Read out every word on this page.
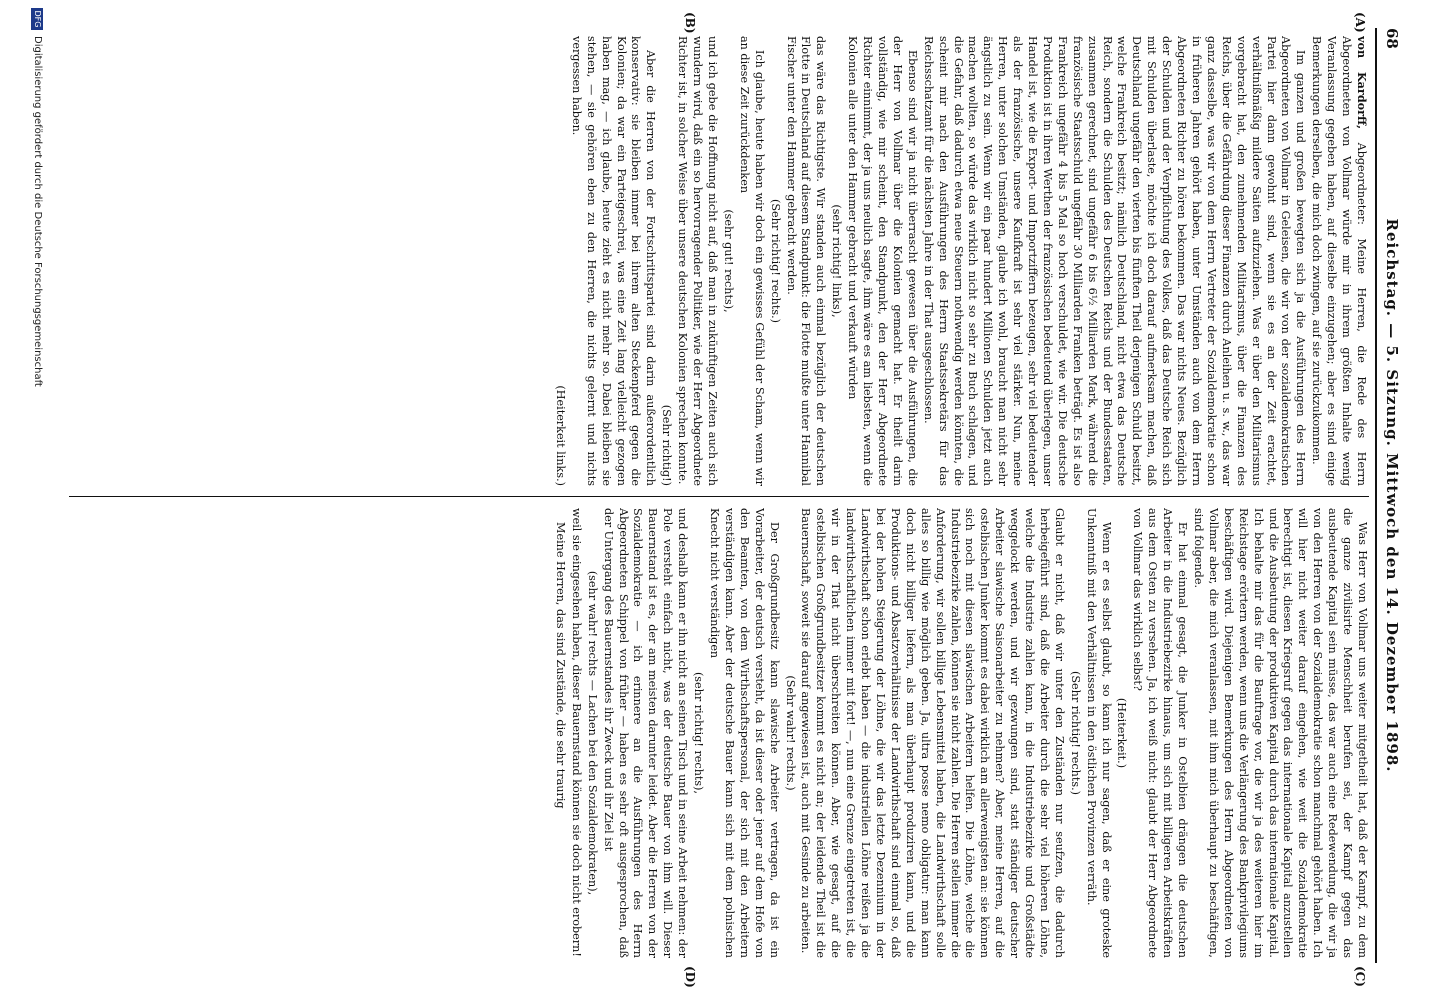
68
Reichstag. — 5. Sitzung. Mittwoch den 14. Dezember 1898.
(A)
(B)
(C)
(D)

von Kardorff, Abgeordneter: Meine Herren, die Rede des Herrn Abgeordneten von Vollmar würde mir in ihrem größten Inhalte wenig Veranlassung gegeben haben, auf dieselbe einzugehen; aber es sind einige Bemerkungen derselben, die mich doch zwingen, auf sie zurückzukommen.

Im ganzen und großen bewegten sich ja die Ausführungen des Herrn Abgeordneten von Vollmar in Geleisen, die wir von der sozialdemokratischen Partei hier dann gewohnt sind, wenn sie es an der Zeit erachtet, verhältnißmäßig mildere Saiten aufzuziehen. Was er über den Militarismus vorgebracht hat, den zunehmenden Militarismus, über die Finanzen des Reichs, über die Gefährdung dieser Finanzen durch Anleihen u. s. w., das war ganz dasselbe, was wir von dem Herrn Vertreter der Sozialdemokratie schon in früheren Jahren gehört haben, unter Umständen auch von dem Herrn Abgeordneten Richter zu hören bekommen. Das war nichts Neues. Bezüglich der Schulden und der Verpflichtung des Volkes, daß das Deutsche Reich sich mit Schulden überlaste, möchte ich doch darauf aufmerksam machen, daß Deutschland ungefähr den vierten bis fünften Theil derjenigen Schuld besitzt, welche Frankreich besitzt; nämlich Deutschland, nicht etwa das Deutsche Reich, sondern die Schulden des Deutschen Reichs und der Bundesstaaten, zusammen gerechnet, sind ungefähr 6 bis 6½ Milliarden Mark, während die französische Staatsschuld ungefähr 30 Milliarden Franken beträgt. Es ist also Frankreich ungefähr 4 bis 5 Mal so hoch verschuldet, wie wir. Die deutsche Produktion ist in ihren Werthen der französischen bedeutend überlegen, unser Handel ist, wie die Export- und Importziffern bezeugen, sehr viel bedeutender als der französische, unsere Kaufkraft ist sehr viel stärker. Nun, meine Herren, unter solchen Umständen, glaube ich wohl, braucht man nicht sehr ängstlich zu sein. Wenn wir ein paar hundert Millionen Schulden jetzt auch machen wollten, so würde das wirklich nicht so sehr zu Buch schlagen, und die Gefahr, daß dadurch etwa neue Steuern nothwendig werden könnten, die scheint mir nach den Ausführungen des Herrn Staatssekretärs für das Reichsschatzamt für die nächsten Jahre in der That ausgeschlossen.

Ebenso sind wir ja nicht überrascht gewesen über die Ausführungen, die der Herr von Vollmar über die Kolonien gemacht hat. Er theilt darin vollständig, wie mir scheint, den Standpunkt, den der Herr Abgeordnete Richter einnimmt, der ja uns neulich sagte, ihm wäre es am liebsten, wenn die Kolonien alle unter den Hammer gebracht und verkauft würden

(sehr richtig! links),

das wäre das Richtigste. Wir standen auch einmal bezüglich der deutschen Flotte in Deutschland auf diesem Standpunkt: die Flotte mußte unter Hannibal Fischer unter den Hammer gebracht werden.

(Sehr richtig! rechts.)

Ich glaube, heute haben wir doch ein gewisses Gefühl der Scham, wenn wir an diese Zeit zurückdenken

(sehr gut! rechts),

und ich gebe die Hoffnung nicht auf, daß man in zukünftigen Zeiten auch sich wundern wird, daß ein so hervorragender Politiker, wie der Herr Abgeordnete Richter ist, in solcher Weise über unsere deutschen Kolonien sprechen konnte.

(Sehr richtig!)

Aber die Herren von der Fortschrittspartei sind darin außerordentlich konservativ: sie bleiben immer bei ihrem alten Steckenpferd gegen die Kolonien; da war ein Parteigeschrei, was eine Zeit lang vielleicht gezogen haben mag, — ich glaube, heute zieht es nicht mehr so. Dabei bleiben sie stehen, — sie gehören eben zu den Herren, die nichts gelernt und nichts vergessen haben.

(Heiterkeit links.)

Was Herr von Vollmar uns weiter mitgetheilt hat, daß der Kampf, zu dem die ganze zivilisirte Menschheit berufen sei, der Kampf gegen das ausbeutende Kapital sein müsse, das war auch eine Redewendung, die wir ja von den Herren von der Sozialdemokratie schon manchmal gehört haben. Ich will hier nicht weiter darauf eingehen, wie weit die Sozialdemokratie berechtigt ist, diesen Kriegsruf gegen das internationale Kapital anzustellen und die Ausbeutung der produktiven Kapital durch das internationale Kapital. Ich behalte mir das für die Bauftrage vor, die wir ja des weiteren hier im Reichstage erörtern werden, wenn uns die Verlängerung des Bankprivilegiums beschäftigen wird. Diejenigen Bemerkungen des Herrn Abgeordneten von Vollmar aber, die mich veranlassen, mit ihm mich überhaupt zu beschäftigen, sind folgende.

Er hat einmal gesagt, die Junker in Ostelbien drängen die deutschen Arbeiter in die Industriebezirke hinaus, um sich mit billigeren Arbeitskräften aus dem Osten zu versehen. Ja, ich weiß nicht: glaubt der Herr Abgeordnete von Vollmar das wirklich selbst?

(Heiterkeit.)

Wenn er es selbst glaubt, so kann ich nur sagen, daß er eine groteske Unkenntniß mit den Verhältnissen in den östlichen Provinzen verräth.

(Sehr richtig! rechts.)

Glaubt er nicht, daß wir unter den Zuständen nur seufzen, die dadurch herbeigeführt sind, daß die Arbeiter durch die sehr viel höheren Löhne, welche die Industrie zahlen kann, in die Industriebezirke und Großstädte weggelockt werden, und wir gezwungen sind, statt ständiger deutscher Arbeiter slawische Saisonarbeiter zu nehmen? Aber, meine Herren, auf die ostelbischen Junker kommt es dabei wirklich am allerwenigsten an: sie können sich noch mit diesen slawischen Arbeitern helfen. Die Löhne, welche die Industriebezirke zahlen, können sie nicht zahlen. Die Herren stellen immer die Anforderung, wir sollen billige Lebensmittel haben, die Landwirthschaft solle alles so billig wie möglich geben. Ja, ultra posse nemo obligatur: man kann doch nicht billiger liefern, als man überhaupt produziren kann, und die Produktions- und Absatzverhältnisse der Landwirthschaft sind einmal so, daß bei der hohen Steigerung der Löhne, die wir das letzte Dezennium in der Landwirthschaft schon erlebt haben — die industriellen Löhne reißen ja die landwirthschaftlichen immer mit fort! —, nun eine Grenze eingetreten ist, die wir in der That nicht überschreiten können. Aber, wie gesagt, auf die ostelbischen Großgrundbesitzer kommt es nicht an; der leidende Theil ist die Bauernschaft, soweit sie darauf angewiesen ist, auch mit Gesinde zu arbeiten.

(Sehr wahr! rechts.)

Der Großgrundbesitz kann slawische Arbeiter vertragen, da ist ein Vorarbeiter, der deutsch versteht, da ist dieser oder jener auf dem Hofe von den Beamten, von dem Wirthschaftspersonal, der sich mit den Arbeitern verständigen kann. Aber der deutsche Bauer kann sich mit dem polnischen Knecht nicht verständigen

(sehr richtig! rechts),

und deshalb kann er ihn nicht an seinen Tisch und in seine Arbeit nehmen: der Pole versteht einfach nicht, was der deutsche Bauer von ihm will. Dieser Bauernstand ist es, der am meisten darunter leidet. Aber die Herren von der Sozialdemokratie — ich erinnere an die Ausführungen des Herrn Abgeordneten Schippel von früher — haben es sehr oft ausgesprochen, daß der Untergang des Bauernstandes ihr Zweck und ihr Ziel ist

(sehr wahr! rechts — Lachen bei den Sozialdemokraten),

weil sie eingesehen haben, dieser Bauernstand können sie doch nicht erobern!

Meine Herren, das sind Zustände, die sehr traurig

DFG
Digitalisierung gefördert durch die Deutsche Forschungsgemeinschaft
